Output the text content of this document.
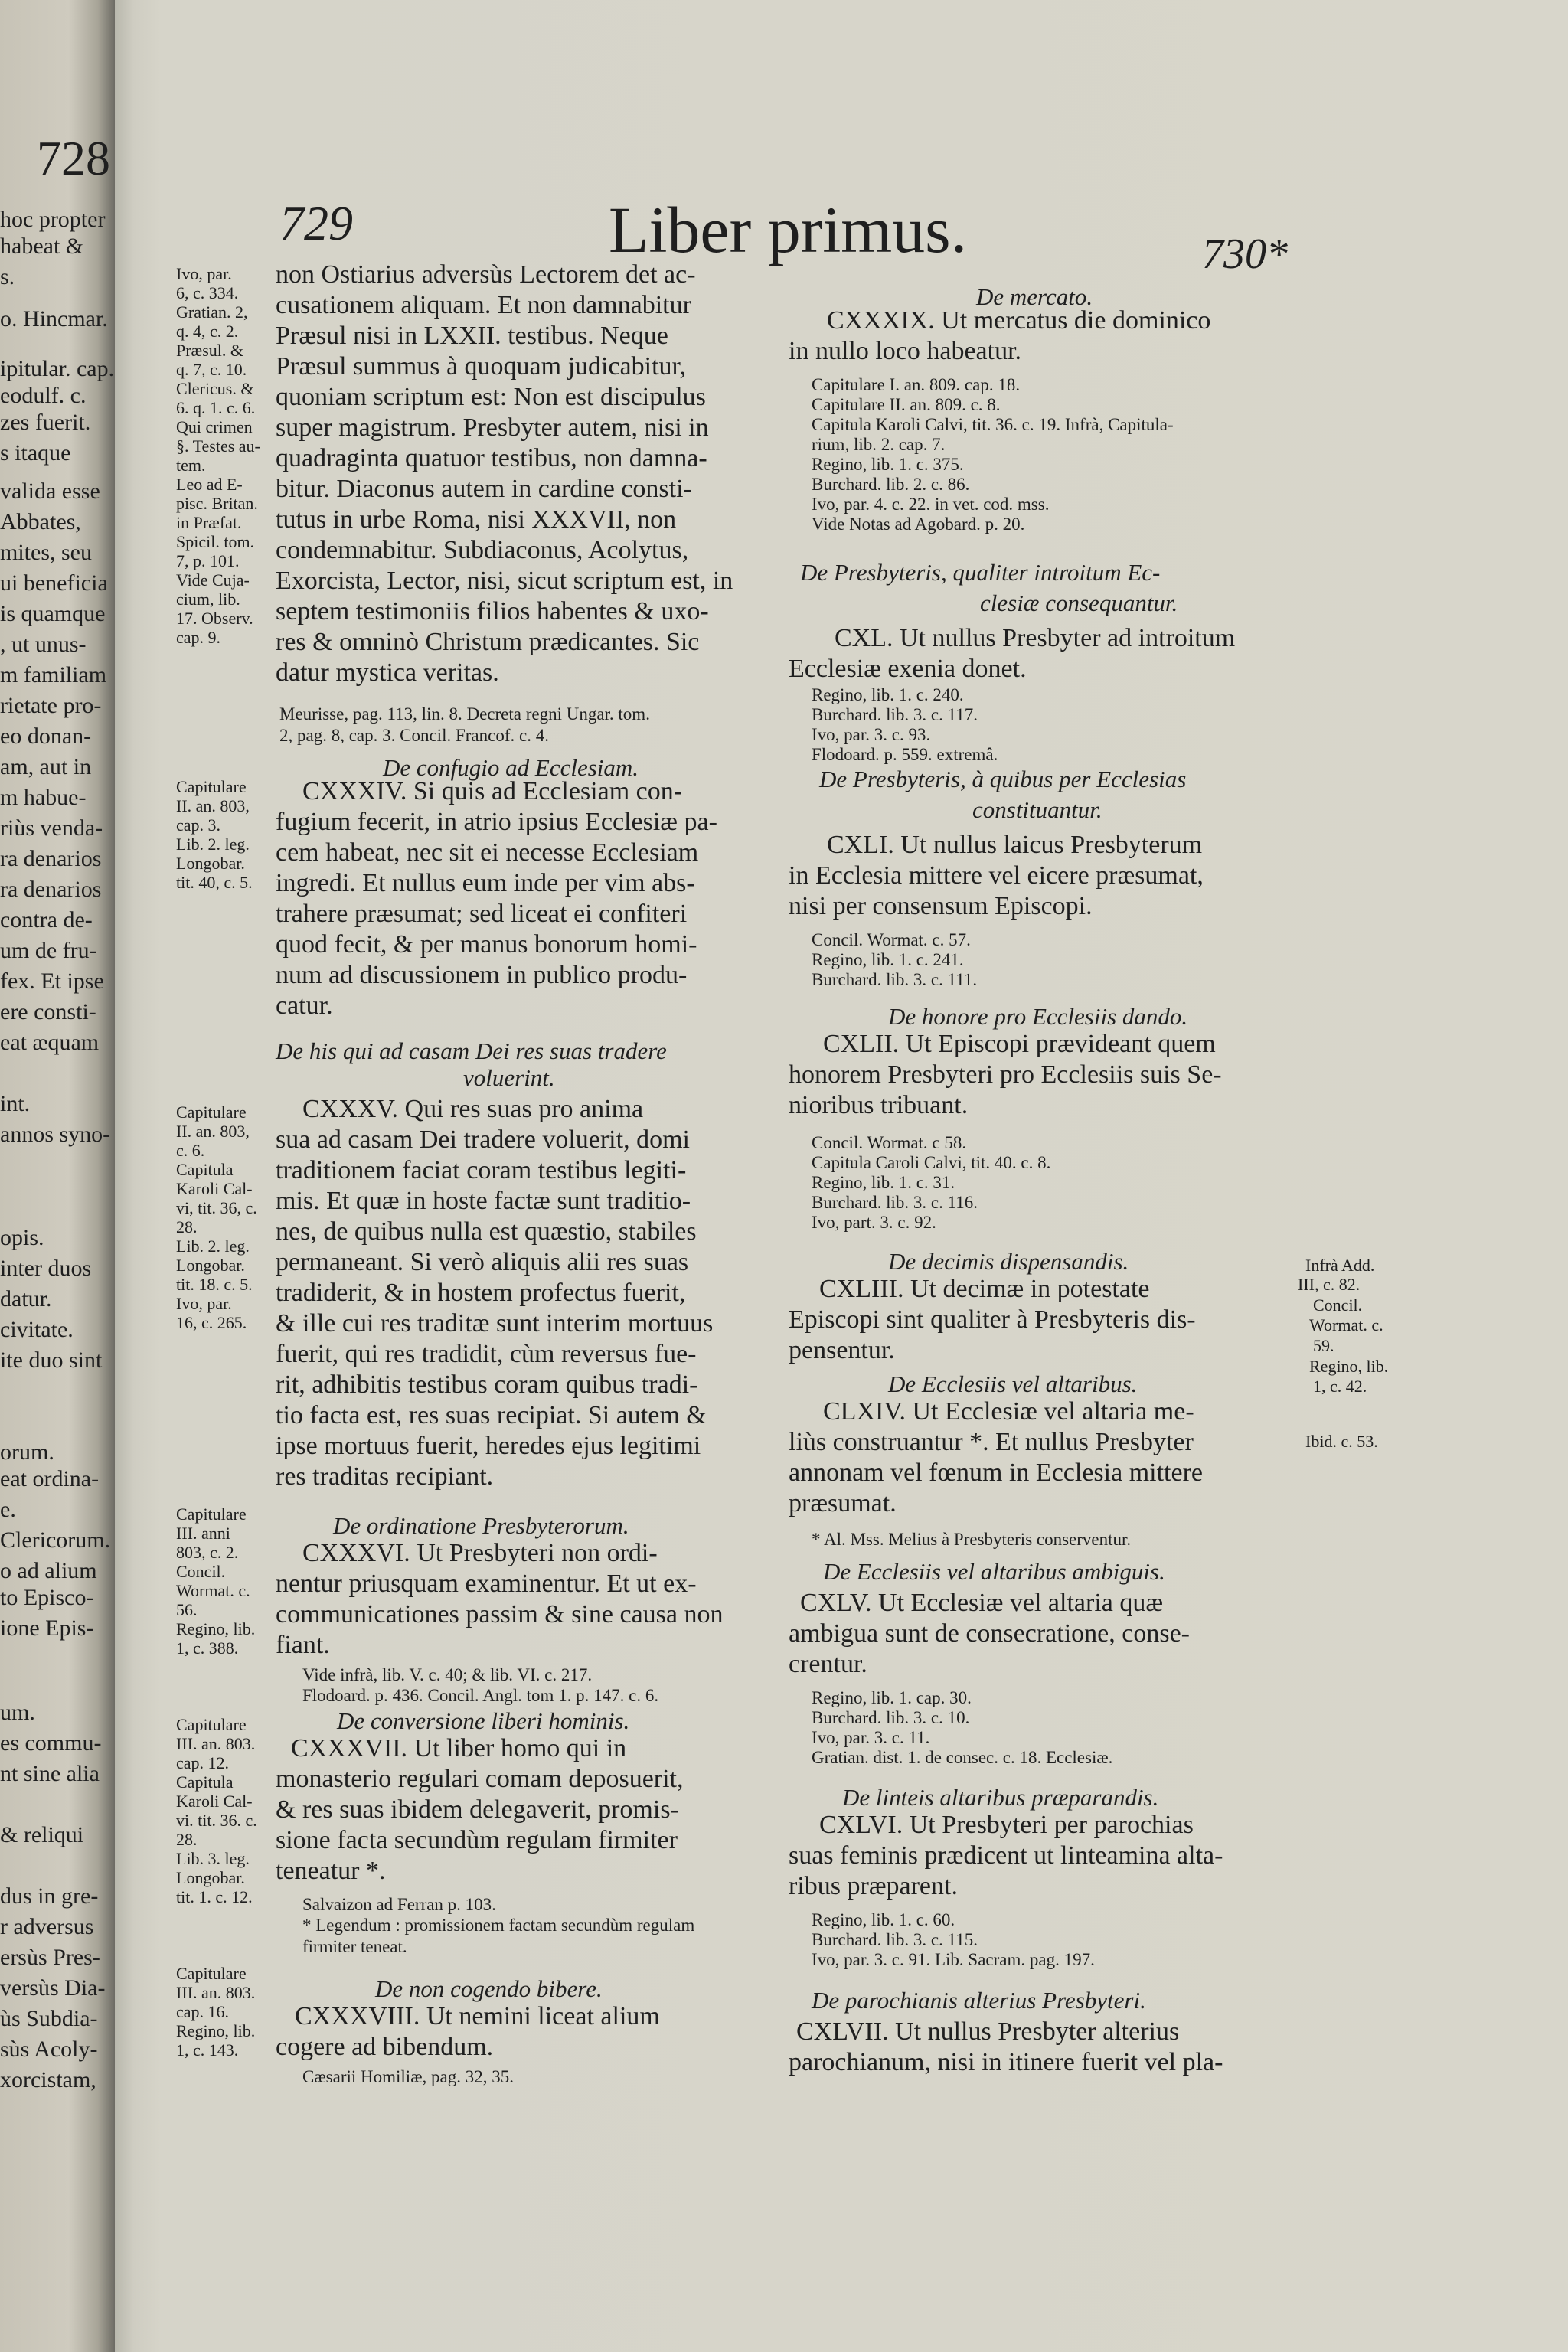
728
hoc propter
habeat &
s.
o. Hincmar.
ipitular. cap.
eodulf. c.
zes fuerit.
s itaque
valida esse
Abbates,
mites, seu
ui beneficia
is quamque
, ut unus-
m familiam
rietate pro-
eo donan-
am, aut in
m habue-
riùs venda-
ra denarios
ra denarios
contra de-
um de fru-
fex. Et ipse
ere consti-
eat æquam
int.
annos syno-
opis.
inter duos
datur.
civitate.
ite duo sint
orum.
eat ordina-
e.
Clericorum.
o ad alium
to Episco-
ione Epis-
um.
es commu-
nt sine alia
& reliqui
dus in gre-
r adversus
ersùs Pres-
versùs Dia-
ùs Subdia-
sùs Acoly-
xorcistam,
729	Liber primus.	730*
Ivo, par.
6, c. 334.
Gratian. 2,
q. 4, c. 2.
Præsul. &
q. 7, c. 10.
Clericus. &
6. q. 1. c. 6.
Qui crimen
§. Testes au-
tem.
Leo ad E-
pisc. Britan.
in Præfat.
Spicil. tom.
7, p. 101.
Vide Cuja-
cium, lib.
17. Observ.
cap. 9.
Capitulare
II. an. 803,
cap. 3.
Lib. 2. leg.
Longobar.
tit. 40, c. 5.
Capitulare
II. an. 803,
c. 6.
Capitula
Karoli Cal-
vi, tit. 36, c.
28.
Lib. 2. leg.
Longobar.
tit. 18. c. 5.
Ivo, par.
16, c. 265.
Capitulare
III. anni
803, c. 2.
Concil.
Wormat. c.
56.
Regino, lib.
1, c. 388.
Capitulare
III. an. 803.
cap. 12.
Capitula
Karoli Cal-
vi. tit. 36. c.
28.
Lib. 3. leg.
Longobar.
tit. 1. c. 12.
Capitulare
III. an. 803.
cap. 16.
Regino, lib.
1, c. 143.
non Ostiarius adversùs Lectorem det ac-
cusationem aliquam. Et non damnabitur
Præsul nisi in LXXII. testibus. Neque
Præsul summus à quoquam judicabitur,
quoniam scriptum est: Non est discipulus
super magistrum. Presbyter autem, nisi in
quadraginta quatuor testibus, non damna-
bitur. Diaconus autem in cardine consti-
tutus in urbe Roma, nisi XXXVII, non
condemnabitur. Subdiaconus, Acolytus,
Exorcista, Lector, nisi, sicut scriptum est, in
septem testimoniis filios habentes & uxo-
res & omninò Christum prædicantes. Sic
datur mystica veritas.
Meurisse, pag. 113, lin. 8. Decreta regni Ungar. tom.
2, pag. 8, cap. 3. Concil. Francof. c. 4.
De confugio ad Ecclesiam.
CXXXIV. Si quis ad Ecclesiam con-
fugium fecerit, in atrio ipsius Ecclesiæ pa-
cem habeat, nec sit ei necesse Ecclesiam
ingredi. Et nullus eum inde per vim abs-
trahere præsumat; sed liceat ei confiteri
quod fecit, & per manus bonorum homi-
num ad discussionem in publico produ-
catur.
De his qui ad casam Dei res suas tradere
voluerint.
CXXXV. Qui res suas pro anima
sua ad casam Dei tradere voluerit, domi
traditionem faciat coram testibus legiti-
mis. Et quæ in hoste factæ sunt traditio-
nes, de quibus nulla est quæstio, stabiles
permaneant. Si verò aliquis alii res suas
tradiderit, & in hostem profectus fuerit,
& ille cui res traditæ sunt interim mortuus
fuerit, qui res tradidit, cùm reversus fue-
rit, adhibitis testibus coram quibus tradi-
tio facta est, res suas recipiat. Si autem &
ipse mortuus fuerit, heredes ejus legitimi
res traditas recipiant.
De ordinatione Presbyterorum.
CXXXVI. Ut Presbyteri non ordi-
nentur priusquam examinentur. Et ut ex-
communicationes passim & sine causa non
fiant.
Vide infrà, lib. V. c. 40; & lib. VI. c. 217.
Flodoard. p. 436. Concil. Angl. tom 1. p. 147. c. 6.
De conversione liberi hominis.
CXXXVII. Ut liber homo qui in
monasterio regulari comam deposuerit,
& res suas ibidem delegaverit, promis-
sione facta secundùm regulam firmiter
teneatur *.
Salvaizon ad Ferran p. 103.
* Legendum : promissionem factam secundùm regulam
firmiter teneat.
De non cogendo bibere.
CXXXVIII. Ut nemini liceat alium
cogere ad bibendum.
Cæsarii Homiliæ, pag. 32, 35.
De mercato.
CXXXIX. Ut mercatus die dominico
in nullo loco habeatur.
Capitulare I. an. 809. cap. 18.
Capitulare II. an. 809. c. 8.
Capitula Karoli Calvi, tit. 36. c. 19. Infrà, Capitula-
rium, lib. 2. cap. 7.
Regino, lib. 1. c. 375.
Burchard. lib. 2. c. 86.
Ivo, par. 4. c. 22. in vet. cod. mss.
Vide Notas ad Agobard. p. 20.
De Presbyteris, qualiter introitum Ec-
clesiæ consequantur.
CXL. Ut nullus Presbyter ad introitum
Ecclesiæ exenia donet.
Regino, lib. 1. c. 240.
Burchard. lib. 3. c. 117.
Ivo, par. 3. c. 93.
Flodoard. p. 559. extremâ.
De Presbyteris, à quibus per Ecclesias
constituantur.
CXLI. Ut nullus laicus Presbyterum
in Ecclesia mittere vel eicere præsumat,
nisi per consensum Episcopi.
Concil. Wormat. c. 57.
Regino, lib. 1. c. 241.
Burchard. lib. 3. c. 111.
De honore pro Ecclesiis dando.
CXLII. Ut Episcopi prævideant quem
honorem Presbyteri pro Ecclesiis suis Se-
nioribus tribuant.
Concil. Wormat. c 58.
Capitula Caroli Calvi, tit. 40. c. 8.
Regino, lib. 1. c. 31.
Burchard. lib. 3. c. 116.
Ivo, part. 3. c. 92.
De decimis dispensandis.
CXLIII. Ut decimæ in potestate
Episcopi sint qualiter à Presbyteris dis-
pensentur.
De Ecclesiis vel altaribus.
CLXIV. Ut Ecclesiæ vel altaria me-
liùs construantur *. Et nullus Presbyter
annonam vel fœnum in Ecclesia mittere
præsumat.
* Al. Mss. Melius à Presbyteris conserventur.
De Ecclesiis vel altaribus ambiguis.
CXLV. Ut Ecclesiæ vel altaria quæ
ambigua sunt de consecratione, conse-
crentur.
Regino, lib. 1. cap. 30.
Burchard. lib. 3. c. 10.
Ivo, par. 3. c. 11.
Gratian. dist. 1. de consec. c. 18. Ecclesiæ.
De linteis altaribus præparandis.
CXLVI. Ut Presbyteri per parochias
suas feminis prædicent ut linteamina alta-
ribus præparent.
Regino, lib. 1. c. 60.
Burchard. lib. 3. c. 115.
Ivo, par. 3. c. 91. Lib. Sacram. pag. 197.
De parochianis alterius Presbyteri.
CXLVII. Ut nullus Presbyter alterius
parochianum, nisi in itinere fuerit vel pla-
Infrà Add.
III, c. 82.
Concil.
Wormat. c.
59.
Regino, lib.
1, c. 42.
Ibid. c. 53.
